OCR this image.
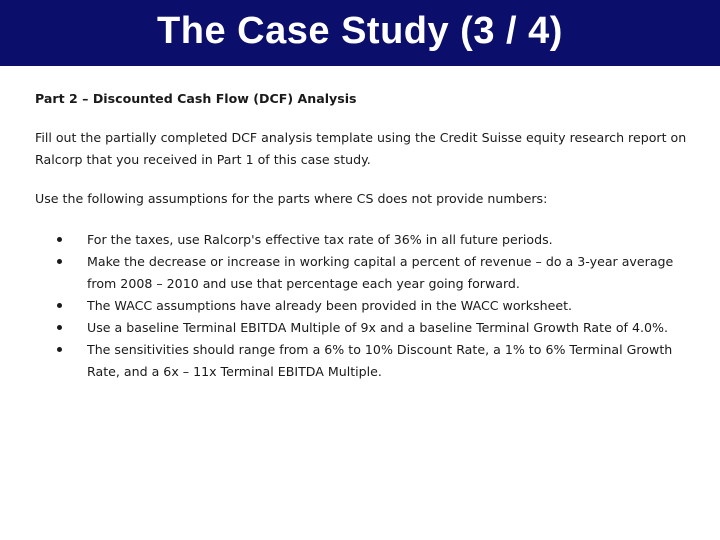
The Case Study (3 / 4)

Part 2 – Discounted Cash Flow (DCF) Analysis

Fill out the partially completed DCF analysis template using the Credit Suisse equity research report on Ralcorp that you received in Part 1 of this case study.

Use the following assumptions for the parts where CS does not provide numbers:

For the taxes, use Ralcorp's effective tax rate of 36% in all future periods.
Make the decrease or increase in working capital a percent of revenue – do a 3-year average from 2008 – 2010 and use that percentage each year going forward.
The WACC assumptions have already been provided in the WACC worksheet.
Use a baseline Terminal EBITDA Multiple of 9x and a baseline Terminal Growth Rate of 4.0%.
The sensitivities should range from a 6% to 10% Discount Rate, a 1% to 6% Terminal Growth Rate, and a 6x – 11x Terminal EBITDA Multiple.
